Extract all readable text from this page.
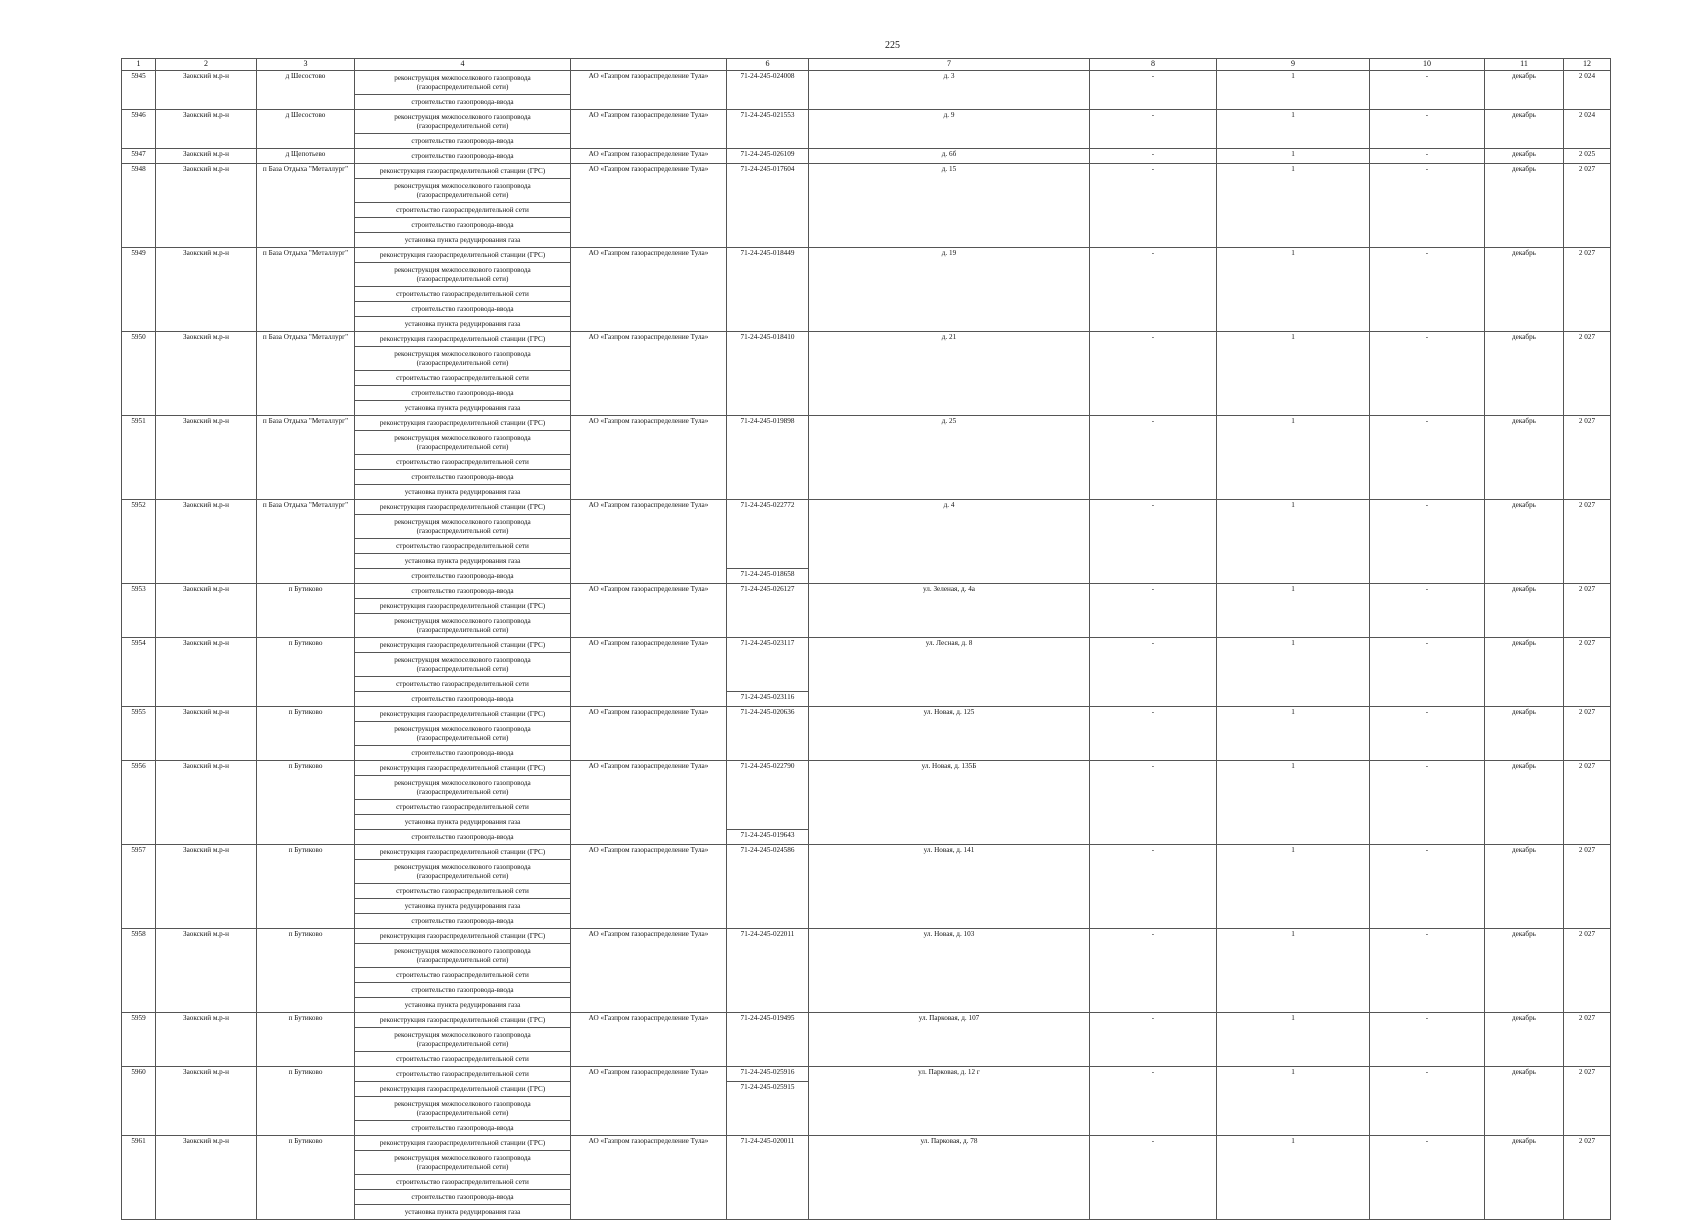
225
1	2	3	4		6	7	8	9	10	11	12
5945	Заокский м.р-н	д Шесостово	реконструкция межпоселкового газопровода (газораспределительной сети)	АО «Газпром газораспределение Тула»	71-24-245-024008	д. 3	-	1	-	декабрь	2 024
			строительство газопровода-ввода								
5946	Заокский м.р-н	д Шесостово	реконструкция межпоселкового газопровода (газораспределительной сети)	АО «Газпром газораспределение Тула»	71-24-245-021553	д. 9	-	1	-	декабрь	2 024
			строительство газопровода-ввода								
5947	Заокский м.р-н	д Щепотьево	строительство газопровода-ввода	АО «Газпром газораспределение Тула»	71-24-245-026109	д. 6б	-	1	-	декабрь	2 025
5948	Заокский м.р-н	п База Отдыха "Металлург"	реконструкция газораспределительной станции (ГРС)	АО «Газпром газораспределение Тула»	71-24-245-017604	д. 15	-	1	-	декабрь	2 027
			реконструкция межпоселкового газопровода (газораспределительной сети)								
			строительство газораспределительной сети								
			строительство газопровода-ввода								
			установка пункта редуцирования газа								
5949	Заокский м.р-н	п База Отдыха "Металлург"	реконструкция газораспределительной станции (ГРС)	АО «Газпром газораспределение Тула»	71-24-245-018449	д. 19	-	1	-	декабрь	2 027
			реконструкция межпоселкового газопровода (газораспределительной сети)								
			строительство газораспределительной сети								
			строительство газопровода-ввода								
			установка пункта редуцирования газа								
5950	Заокский м.р-н	п База Отдыха "Металлург"	реконструкция газораспределительной станции (ГРС)	АО «Газпром газораспределение Тула»	71-24-245-018410	д. 21	-	1	-	декабрь	2 027
			реконструкция межпоселкового газопровода (газораспределительной сети)								
			строительство газораспределительной сети								
			строительство газопровода-ввода								
			установка пункта редуцирования газа								
5951	Заокский м.р-н	п База Отдыха "Металлург"	реконструкция газораспределительной станции (ГРС)	АО «Газпром газораспределение Тула»	71-24-245-019898	д. 25	-	1	-	декабрь	2 027
			реконструкция межпоселкового газопровода (газораспределительной сети)								
			строительство газораспределительной сети								
			строительство газопровода-ввода								
			установка пункта редуцирования газа								
5952	Заокский м.р-н	п База Отдыха "Металлург"	реконструкция газораспределительной станции (ГРС)	АО «Газпром газораспределение Тула»	71-24-245-022772	д. 4	-	1	-	декабрь	2 027
			реконструкция межпоселкового газопровода (газораспределительной сети)								
			строительство газораспределительной сети								
			установка пункта редуцирования газа								
			строительство газопровода-ввода		71-24-245-018658						

5953	Заокский м.р-н	п Бутиково	строительство газопровода-ввода	АО «Газпром газораспределение Тула»	71-24-245-026127	ул. Зеленая, д. 4а	-	1	-	декабрь	2 027
			реконструкция газораспределительной станции (ГРС)								
			реконструкция межпоселкового газопровода (газораспределительной сети)								
5954	Заокский м.р-н	п Бутиково	реконструкция газораспределительной станции (ГРС)	АО «Газпром газораспределение Тула»	71-24-245-023117	ул. Лесная, д. 8	-	1	-	декабрь	2 027
			реконструкция межпоселкового газопровода (газораспределительной сети)								
			строительство газораспределительной сети								
			строительство газопровода-ввода		71-24-245-023116						

5955	Заокский м.р-н	п Бутиково	реконструкция газораспределительной станции (ГРС)	АО «Газпром газораспределение Тула»	71-24-245-020636	ул. Новая, д. 125	-	1	-	декабрь	2 027
			реконструкция межпоселкового газопровода (газораспределительной сети)								
			строительство газопровода-ввода								
5956	Заокский м.р-н	п Бутиково	реконструкция газораспределительной станции (ГРС)	АО «Газпром газораспределение Тула»	71-24-245-022790	ул. Новая, д. 135Б	-	1	-	декабрь	2 027
			реконструкция межпоселкового газопровода (газораспределительной сети)								
			строительство газораспределительной сети								
			установка пункта редуцирования газа								
			строительство газопровода-ввода		71-24-245-019643						

5957	Заокский м.р-н	п Бутиково	реконструкция газораспределительной станции (ГРС)	АО «Газпром газораспределение Тула»	71-24-245-024586	ул. Новая, д. 141	-	1	-	декабрь	2 027
			реконструкция межпоселкового газопровода (газораспределительной сети)								
			строительство газораспределительной сети								
			установка пункта редуцирования газа								
			строительство газопровода-ввода								
5958	Заокский м.р-н	п Бутиково	реконструкция газораспределительной станции (ГРС)	АО «Газпром газораспределение Тула»	71-24-245-022011	ул. Новая, д. 103	-	1	-	декабрь	2 027
			реконструкция межпоселкового газопровода (газораспределительной сети)								
			строительство газораспределительной сети								
			строительство газопровода-ввода								
			установка пункта редуцирования газа								
5959	Заокский м.р-н	п Бутиково	реконструкция газораспределительной станции (ГРС)	АО «Газпром газораспределение Тула»	71-24-245-019495	ул. Парковая, д. 107	-	1	-	декабрь	2 027
			реконструкция межпоселкового газопровода (газораспределительной сети)								
			строительство газораспределительной сети								
5960	Заокский м.р-н	п Бутиково	строительство газораспределительной сети	АО «Газпром газораспределение Тула»	71-24-245-025916	ул. Парковая, д. 12 г	-	1	-	декабрь	2 027
			реконструкция газораспределительной станции (ГРС)		71-24-245-025915						

			реконструкция межпоселкового газопровода (газораспределительной сети)								
			строительство газопровода-ввода								
5961	Заокский м.р-н	п Бутиково	реконструкция газораспределительной станции (ГРС)	АО «Газпром газораспределение Тула»	71-24-245-020011	ул. Парковая, д. 78	-	1	-	декабрь	2 027
			реконструкция межпоселкового газопровода (газораспределительной сети)								
			строительство газораспределительной сети								
			строительство газопровода-ввода								
			установка пункта редуцирования газа								
